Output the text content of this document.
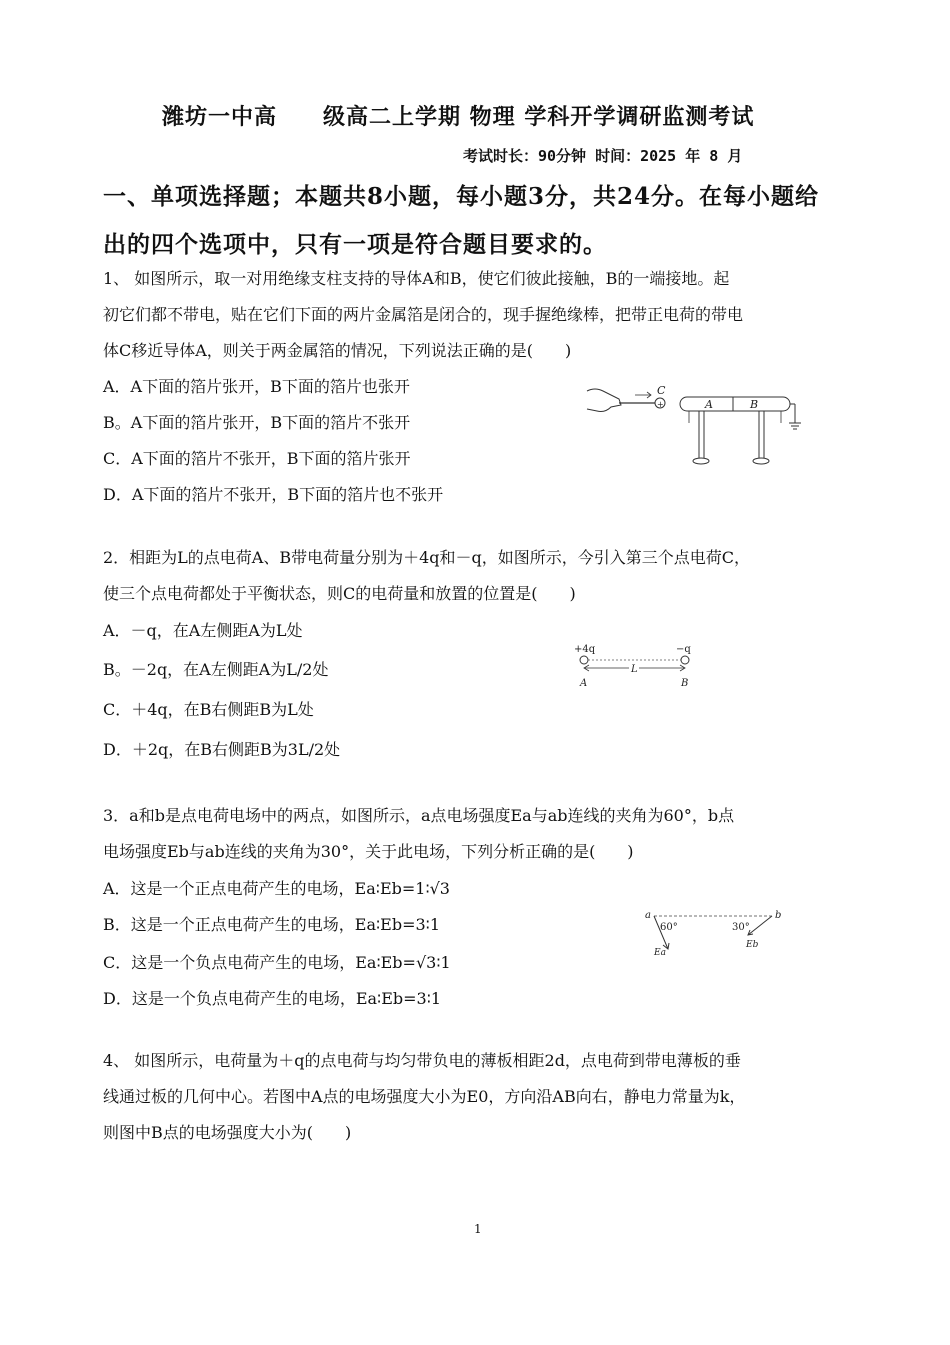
潍坊一中高 级高二上学期 物理 学科开学调研监测考试
考试时长：90分钟 时间：2025 年 8 月
一、单项选择题；本题共8小题，每小题3分，共24分。在每小题给
出的四个选项中，只有一项是符合题目要求的。
1、 如图所示，取一对用绝缘支柱支持的导体A和B，使它们彼此接触，B的一端接地。起
初它们都不带电，贴在它们下面的两片金属箔是闭合的，现手握绝缘棒，把带正电荷的带电
体C移近导体A，则关于两金属箔的情况，下列说法正确的是(　　)
A．A下面的箔片张开，B下面的箔片也张开
B。A下面的箔片张开，B下面的箔片不张开
C．A下面的箔片不张开，B下面的箔片张开
D．A下面的箔片不张开，B下面的箔片也不张开
+
C
A	B
2．相距为L的点电荷A、B带电荷量分别为＋4q和－q，如图所示，今引入第三个点电荷C，
使三个点电荷都处于平衡状态，则C的电荷量和放置的位置是(　　)
A．－q，在A左侧距A为L处
B。－2q，在A左侧距A为L/2处
C．＋4q，在B右侧距B为L处
D．＋2q，在B右侧距B为3L/2处
+4q	−q
L
A	B
3．a和b是点电荷电场中的两点，如图所示，a点电场强度Ea与ab连线的夹角为60°，b点
电场强度Eb与ab连线的夹角为30°，关于此电场，下列分析正确的是(　　)
A．这是一个正点电荷产生的电场，Ea∶Eb=1∶√3
B．这是一个正点电荷产生的电场，Ea∶Eb=3∶1
C．这是一个负点电荷产生的电场，Ea∶Eb=√3∶1
D．这是一个负点电荷产生的电场，Ea∶Eb=3∶1
a	b
60°	30°
Ea
Eb
4、 如图所示，电荷量为＋q的点电荷与均匀带负电的薄板相距2d，点电荷到带电薄板的垂
线通过板的几何中心。若图中A点的电场强度大小为E0，方向沿AB向右，静电力常量为k，
则图中B点的电场强度大小为(　　)
1
